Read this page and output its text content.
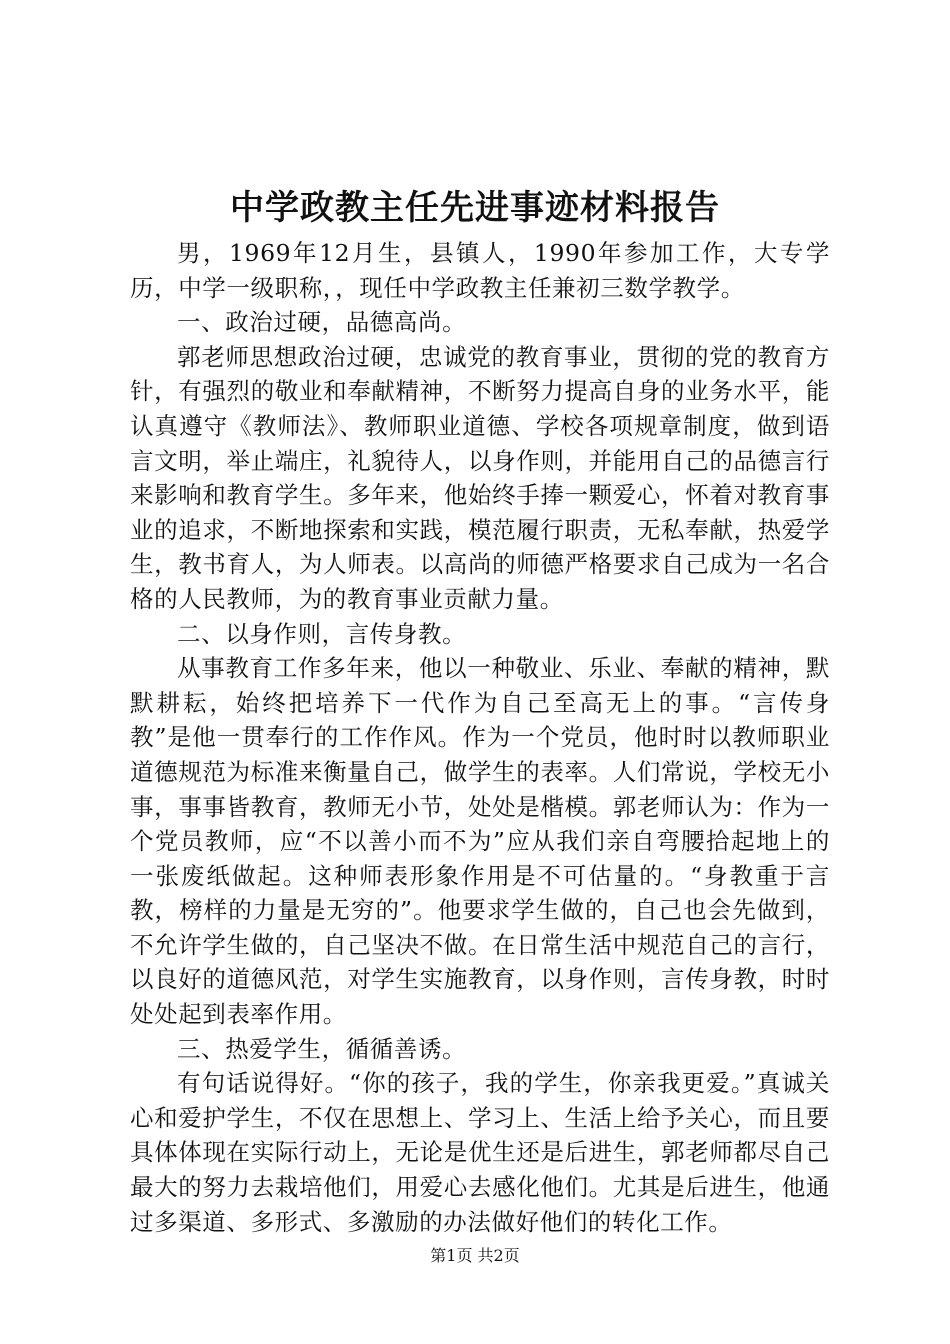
中学政教主任先进事迹材料报告

男，1969年12月生，县镇人，1990年参加工作，大专学历，中学一级职称，，现任中学政教主任兼初三数学教学。

一、政治过硬，品德高尚。

郭老师思想政治过硬，忠诚党的教育事业，贯彻的党的教育方针，有强烈的敬业和奉献精神，不断努力提高自身的业务水平，能认真遵守《教师法》、教师职业道德、学校各项规章制度，做到语言文明，举止端庄，礼貌待人，以身作则，并能用自己的品德言行来影响和教育学生。多年来，他始终手捧一颗爱心，怀着对教育事业的追求，不断地探索和实践，模范履行职责，无私奉献，热爱学生，教书育人，为人师表。以高尚的师德严格要求自己成为一名合格的人民教师，为的教育事业贡献力量。

二、以身作则，言传身教。

从事教育工作多年来，他以一种敬业、乐业、奉献的精神，默默耕耘，始终把培养下一代作为自己至高无上的事。“言传身教”是他一贯奉行的工作作风。作为一个党员，他时时以教师职业道德规范为标准来衡量自己，做学生的表率。人们常说，学校无小事，事事皆教育，教师无小节，处处是楷模。郭老师认为：作为一个党员教师，应“不以善小而不为”应从我们亲自弯腰拾起地上的一张废纸做起。这种师表形象作用是不可估量的。“身教重于言教，榜样的力量是无穷的”。他要求学生做的，自己也会先做到，不允许学生做的，自己坚决不做。在日常生活中规范自己的言行，以良好的道德风范，对学生实施教育，以身作则，言传身教，时时处处起到表率作用。

三、热爱学生，循循善诱。

有句话说得好。“你的孩子，我的学生，你亲我更爱。”真诚关心和爱护学生，不仅在思想上、学习上、生活上给予关心，而且要具体体现在实际行动上，无论是优生还是后进生，郭老师都尽自己最大的努力去栽培他们，用爱心去感化他们。尤其是后进生，他通过多渠道、多形式、多激励的办法做好他们的转化工作。

第1页 共2页
